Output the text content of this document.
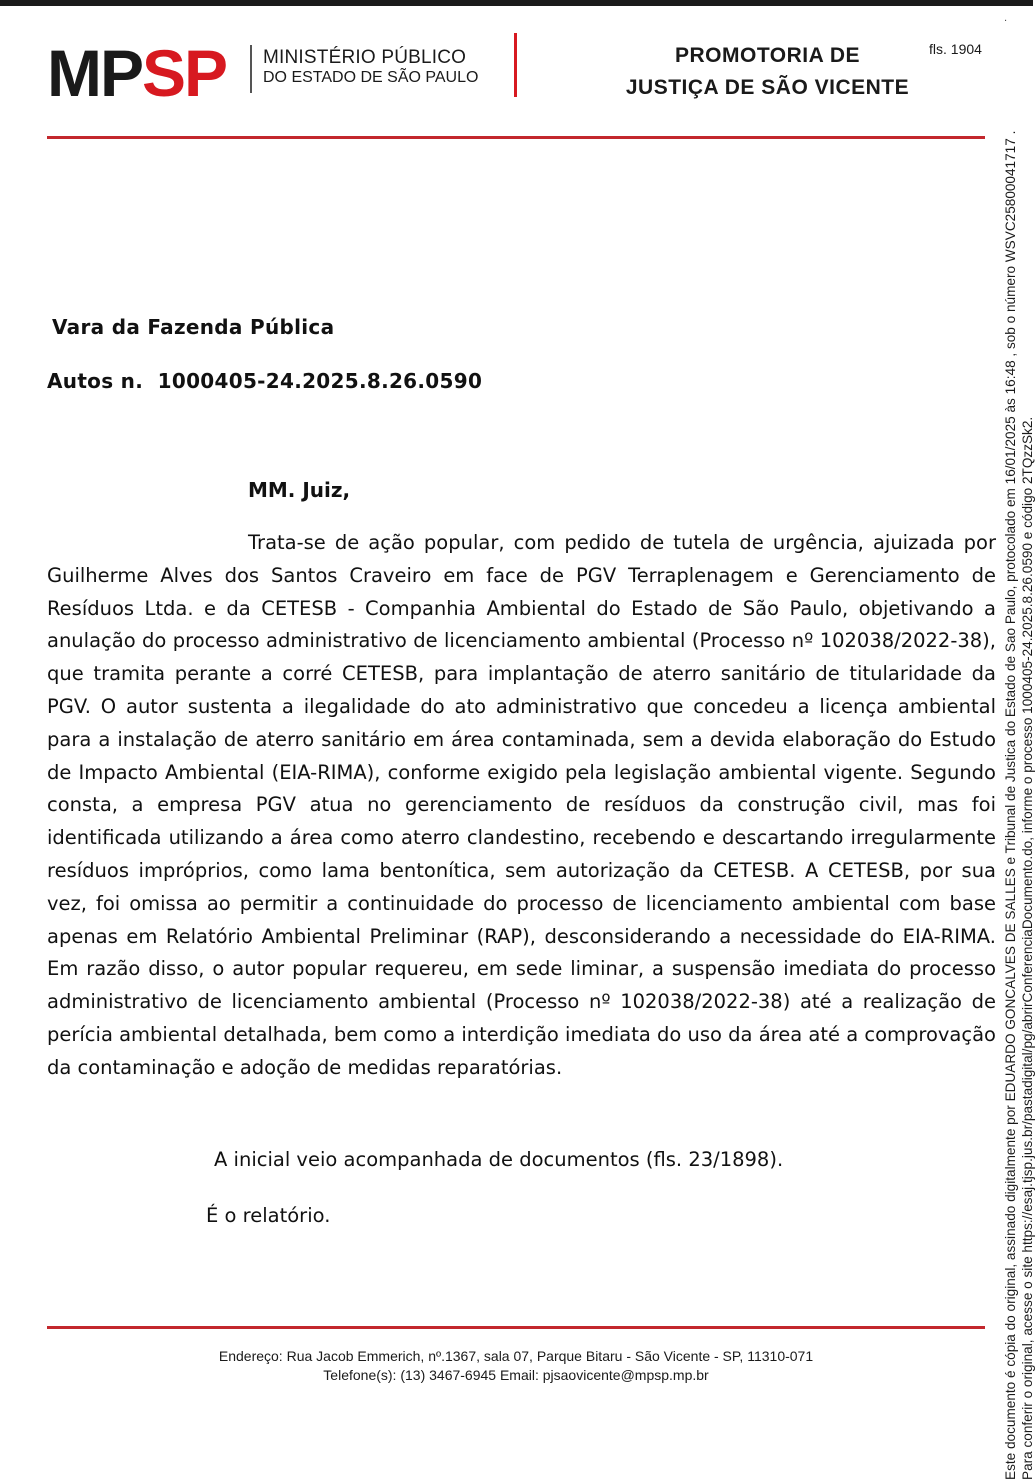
MPSP MINISTÉRIO PÚBLICO
DO ESTADO DE SÃO PAULO
PROMOTORIA DE
JUSTIÇA DE SÃO VICENTE
fls. 1904
.
Vara da Fazenda Pública
Autos n.  1000405-24.2025.8.26.0590
MM. Juiz,

Trata-se de ação popular, com pedido de tutela de urgência, ajuizada por Guilherme Alves dos Santos Craveiro em face de PGV Terraplenagem e Gerenciamento de Resíduos Ltda. e da CETESB - Companhia Ambiental do Estado de São Paulo, objetivando a anulação do processo administrativo de licenciamento ambiental (Processo nº 102038/2022-38), que tramita perante a corré CETESB, para implantação de aterro sanitário de titularidade da PGV. O autor sustenta a ilegalidade do ato administrativo que concedeu a licença ambiental para a instalação de aterro sanitário em área contaminada, sem a devida elaboração do Estudo de Impacto Ambiental (EIA-RIMA), conforme exigido pela legislação ambiental vigente. Segundo consta, a empresa PGV atua no gerenciamento de resíduos da construção civil, mas foi identificada utilizando a área como aterro clandestino, recebendo e descartando irregularmente resíduos impróprios, como lama bentonítica, sem autorização da CETESB. A CETESB, por sua vez, foi omissa ao permitir a continuidade do processo de licenciamento ambiental com base apenas em Relatório Ambiental Preliminar (RAP), desconsiderando a necessidade do EIA-RIMA. Em razão disso, o autor popular requereu, em sede liminar, a suspensão imediata do processo administrativo de licenciamento ambiental (Processo nº 102038/2022-38) até a realização de perícia ambiental detalhada, bem como a interdição imediata do uso da área até a comprovação da contaminação e adoção de medidas reparatórias.

A inicial veio acompanhada de documentos (fls. 23/1898).
É o relatório.
Endereço: Rua Jacob Emmerich, nº.1367, sala 07, Parque Bitaru - São Vicente - SP, 11310-071
Telefone(s): (13) 3467-6945 Email: pjsaovicente@mpsp.mp.br	Este documento é cópia do original, assinado digitalmente por EDUARDO GONCALVES DE SALLES e Tribunal de Justica do Estado de Sao Paulo, protocolado em 16/01/2025 às 16:48 , sob o número WSVC25800041717 . Para conferir o original, acesse o site https://esaj.tjsp.jus.br/pastadigital/pg/abrirConferenciaDocumento.do, informe o processo 1000405-24.2025.8.26.0590 e código 2TQzzSk2.
